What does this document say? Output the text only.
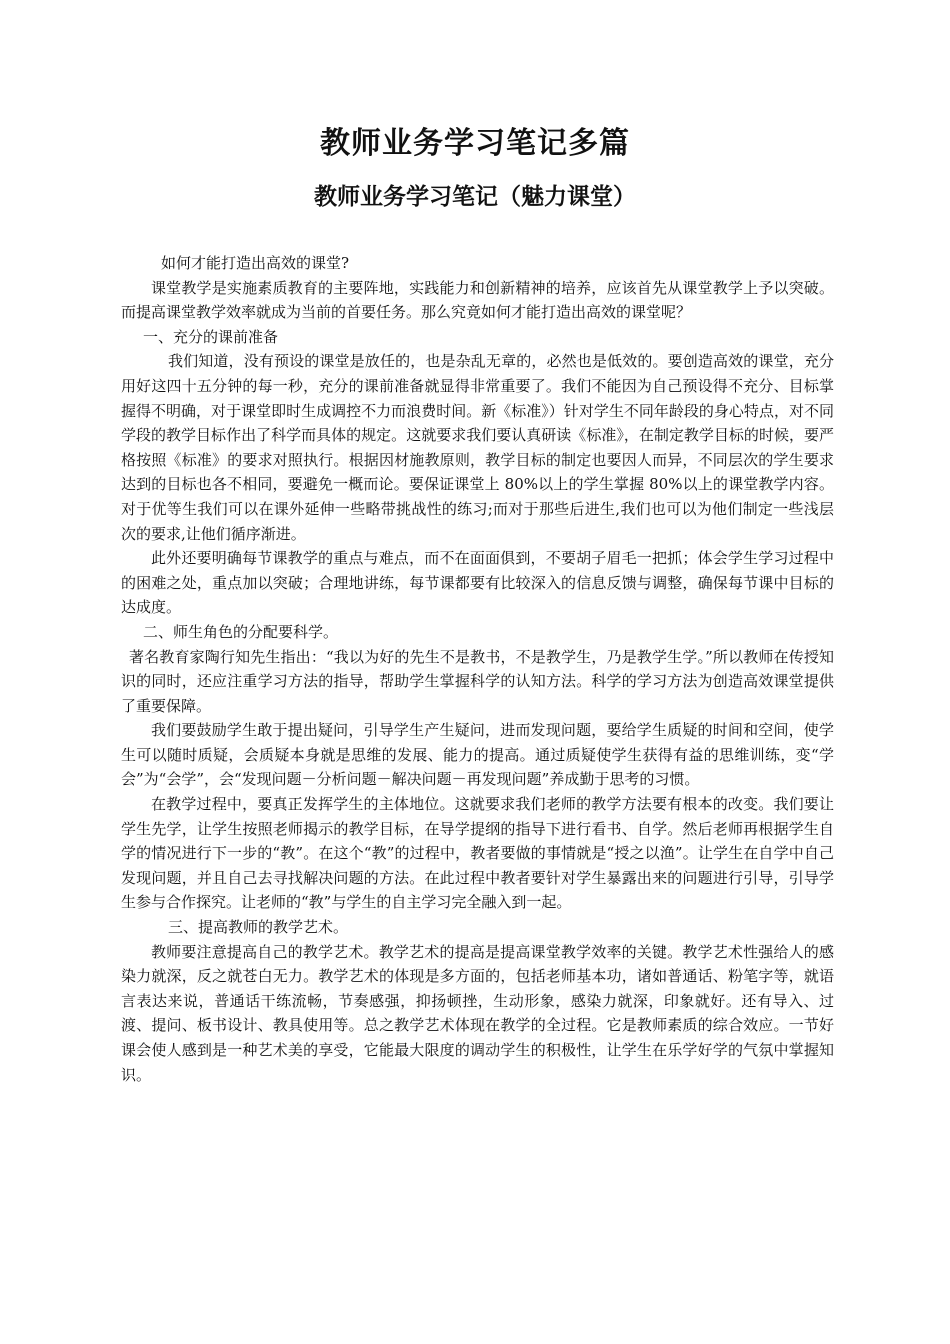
教师业务学习笔记多篇
教师业务学习笔记（魅力课堂）

如何才能打造出高效的课堂?

课堂教学是实施素质教育的主要阵地，实践能力和创新精神的培养，应该首先从课堂教学上予以突破。而提高课堂教学效率就成为当前的首要任务。那么究竟如何才能打造出高效的课堂呢？

一、充分的课前准备

我们知道，没有预设的课堂是放任的，也是杂乱无章的，必然也是低效的。要创造高效的课堂，充分用好这四十五分钟的每一秒，充分的课前准备就显得非常重要了。我们不能因为自己预设得不充分、目标掌握得不明确，对于课堂即时生成调控不力而浪费时间。新《标准》）针对学生不同年龄段的身心特点，对不同学段的教学目标作出了科学而具体的规定。这就要求我们要认真研读《标准》，在制定教学目标的时候，要严格按照《标准》的要求对照执行。根据因材施教原则，教学目标的制定也要因人而异，不同层次的学生要求达到的目标也各不相同，要避免一概而论。要保证课堂上 80%以上的学生掌握 80%以上的课堂教学内容。对于优等生我们可以在课外延伸一些略带挑战性的练习;而对于那些后进生,我们也可以为他们制定一些浅层次的要求,让他们循序渐进。

此外还要明确每节课教学的重点与难点，而不在面面俱到，不要胡子眉毛一把抓；体会学生学习过程中的困难之处，重点加以突破；合理地讲练，每节课都要有比较深入的信息反馈与调整，确保每节课中目标的达成度。

二、师生角色的分配要科学。

著名教育家陶行知先生指出：“我以为好的先生不是教书，不是教学生，乃是教学生学。”所以教师在传授知识的同时，还应注重学习方法的指导，帮助学生掌握科学的认知方法。科学的学习方法为创造高效课堂提供了重要保障。

我们要鼓励学生敢于提出疑问，引导学生产生疑问，进而发现问题，要给学生质疑的时间和空间，使学生可以随时质疑，会质疑本身就是思维的发展、能力的提高。通过质疑使学生获得有益的思维训练，变“学会”为“会学”，会“发现问题－分析问题－解决问题－再发现问题”养成勤于思考的习惯。

在教学过程中，要真正发挥学生的主体地位。这就要求我们老师的教学方法要有根本的改变。我们要让学生先学，让学生按照老师揭示的教学目标，在导学提纲的指导下进行看书、自学。然后老师再根据学生自学的情况进行下一步的“教”。在这个“教”的过程中，教者要做的事情就是“授之以渔”。让学生在自学中自己发现问题，并且自己去寻找解决问题的方法。在此过程中教者要针对学生暴露出来的问题进行引导，引导学生参与合作探究。让老师的“教”与学生的自主学习完全融入到一起。

三、提高教师的教学艺术。

教师要注意提高自己的教学艺术。教学艺术的提高是提高课堂教学效率的关键。教学艺术性强给人的感染力就深，反之就苍白无力。教学艺术的体现是多方面的，包括老师基本功，诸如普通话、粉笔字等，就语言表达来说，普通话干练流畅，节奏感强，抑扬顿挫，生动形象，感染力就深，印象就好。还有导入、过渡、提问、板书设计、教具使用等。总之教学艺术体现在教学的全过程。它是教师素质的综合效应。一节好课会使人感到是一种艺术美的享受，它能最大限度的调动学生的积极性，让学生在乐学好学的气氛中掌握知识。
